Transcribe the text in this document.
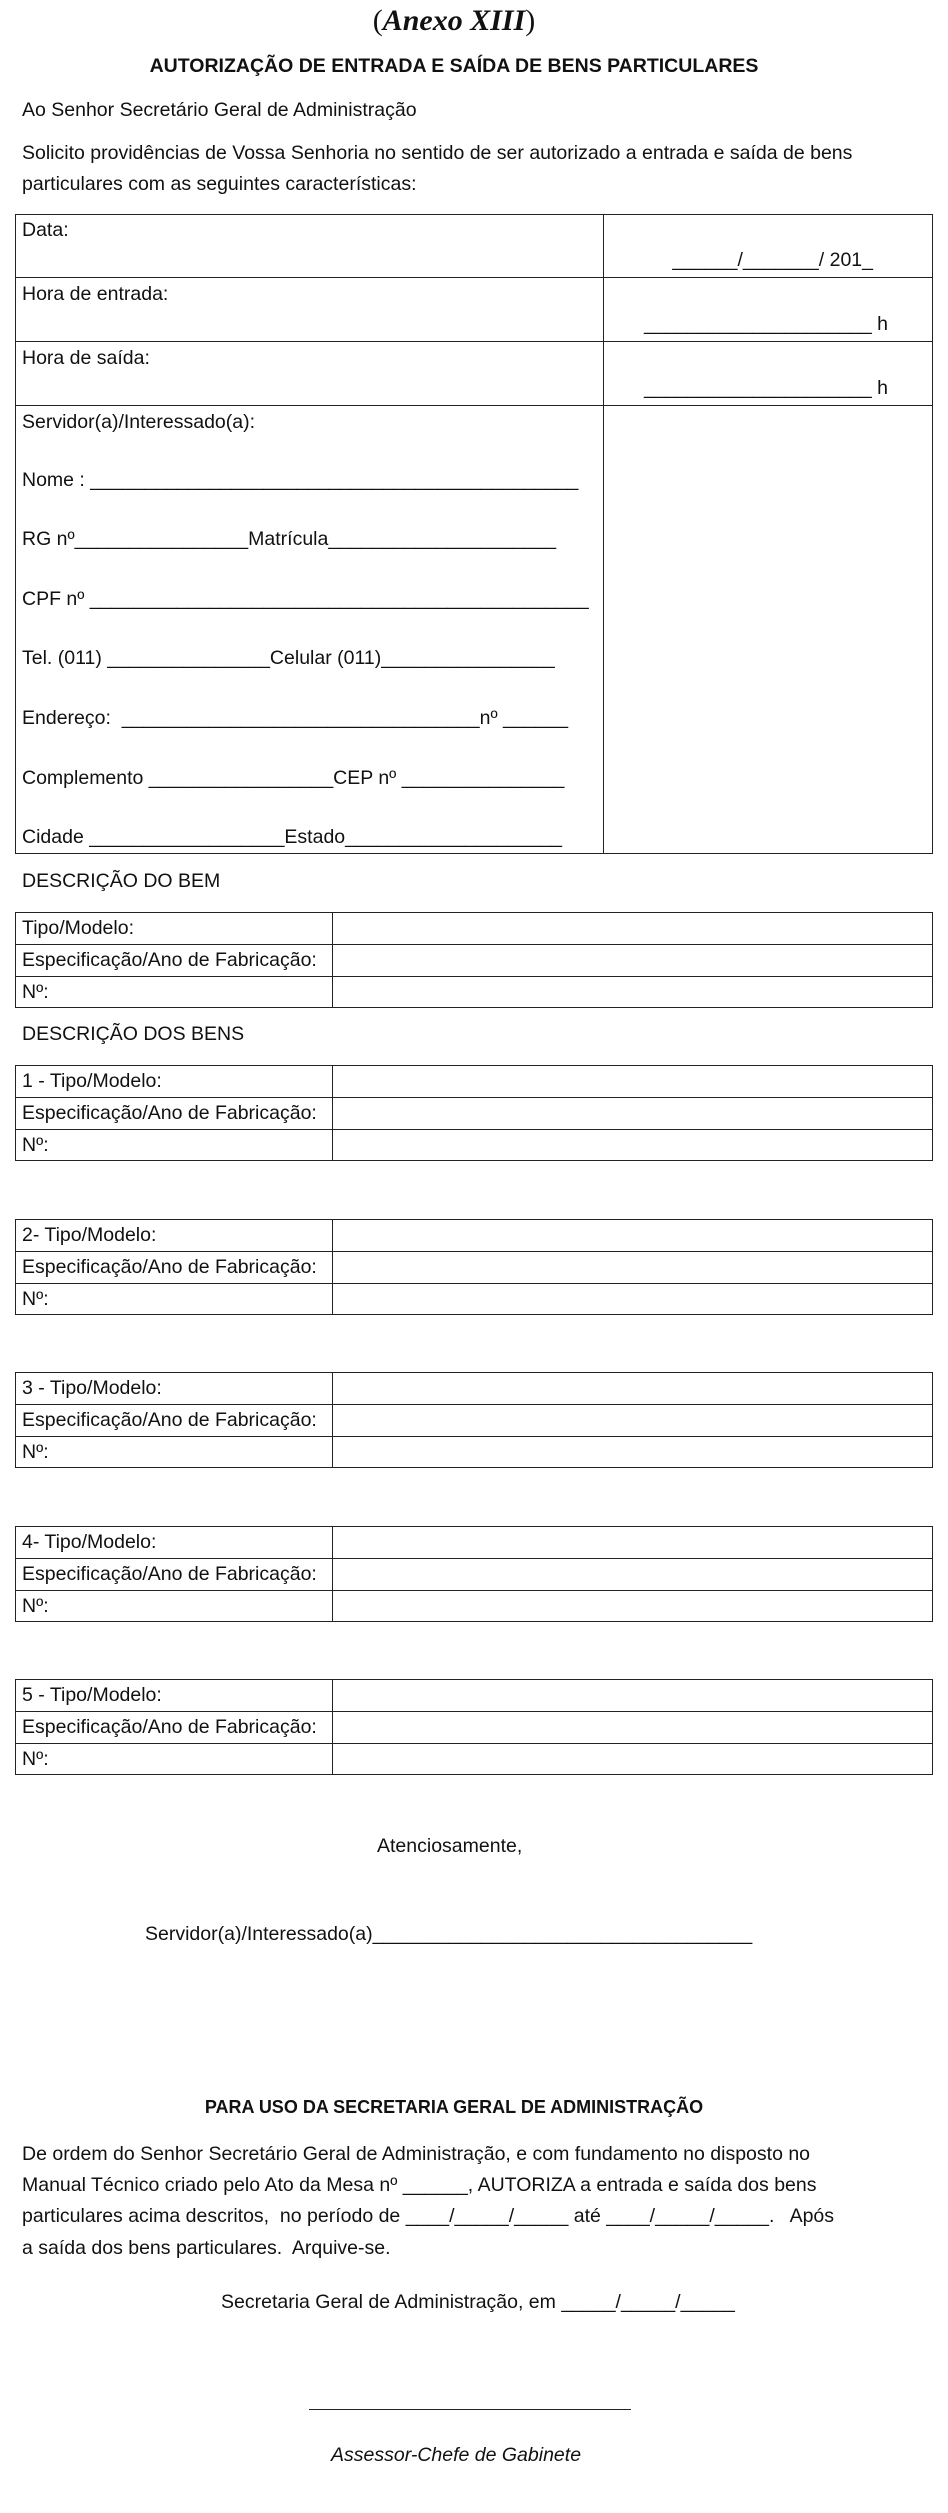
(Anexo XIII)
AUTORIZAÇÃO DE ENTRADA E SAÍDA DE BENS PARTICULARES
Ao Senhor Secretário Geral de Administração
Solicito providências de Vossa Senhoria no sentido de ser autorizado a entrada e saída de bens
particulares com as seguintes características:
Data:
______/_______/ 201_
Hora de entrada:
_____________________ h
Hora de saída:
_____________________ h
Servidor(a)/Interessado(a):
Nome : _____________________________________________
RG nº________________Matrícula_____________________
CPF nº ______________________________________________
Tel. (011) _______________Celular (011)________________
Endereço:  _________________________________nº ______
Complemento _________________CEP nº _______________
Cidade __________________Estado____________________
DESCRIÇÃO DO BEM
Tipo/Modelo:
Especificação/Ano de Fabricação:
Nº:
DESCRIÇÃO DOS BENS
1 - Tipo/Modelo:
Especificação/Ano de Fabricação:
Nº:
2- Tipo/Modelo:
Especificação/Ano de Fabricação:
Nº:
3 - Tipo/Modelo:
Especificação/Ano de Fabricação:
Nº:
4- Tipo/Modelo:
Especificação/Ano de Fabricação:
Nº:
5 - Tipo/Modelo:
Especificação/Ano de Fabricação:
Nº:
Atenciosamente,
Servidor(a)/Interessado(a)___________________________________
PARA USO DA SECRETARIA GERAL DE ADMINISTRAÇÃO
De ordem do Senhor Secretário Geral de Administração, e com fundamento no disposto no
Manual Técnico criado pelo Ato da Mesa nº ______, AUTORIZA a entrada e saída dos bens
particulares acima descritos,  no período de ____/_____/_____ até ____/_____/_____.   Após
a saída dos bens particulares.  Arquive-se.
Secretaria Geral de Administração, em _____/_____/_____
Assessor-Chefe de Gabinete
